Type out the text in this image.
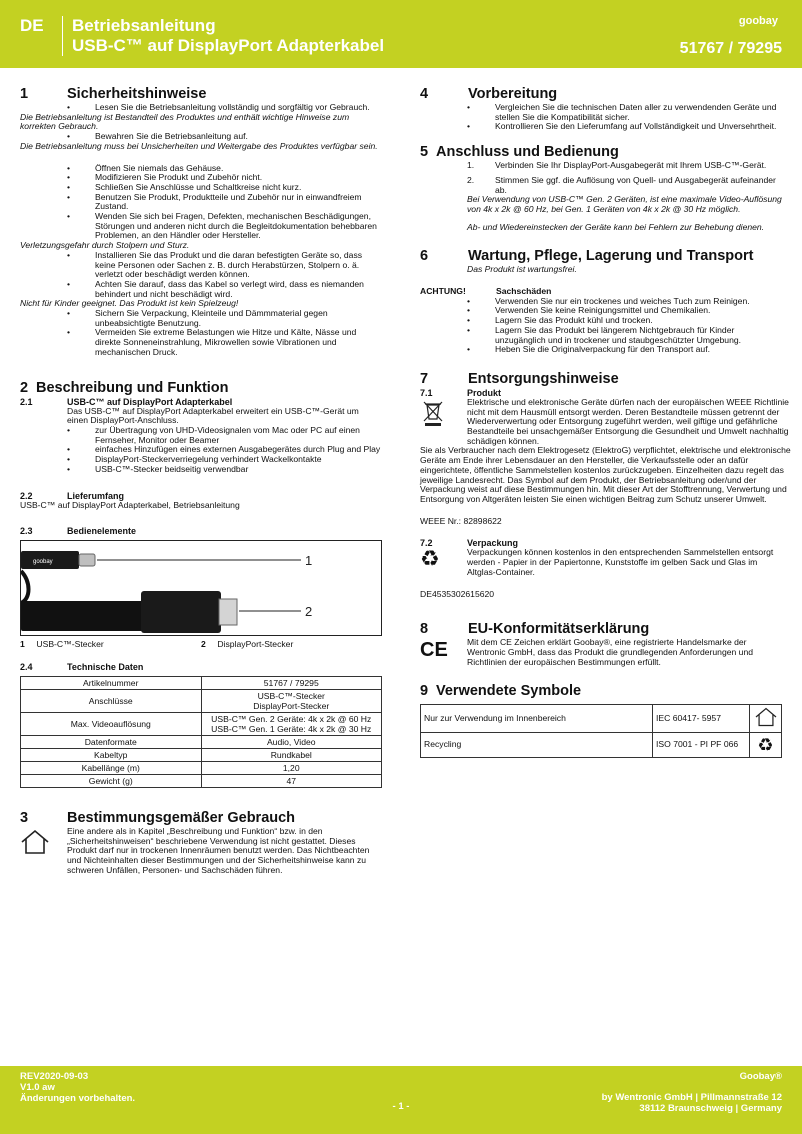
DE Betriebsanleitung
USB-C™ auf DisplayPort Adapterkabel
goobay
51767 / 79295
1	Sicherheitshinweise
• Lesen Sie die Betriebsanleitung vollständig und sorgfältig vor Gebrauch.

Die Betriebsanleitung ist Bestandteil des Produktes und enthält wichtige Hinweise zum korrekten Gebrauch.

• Bewahren Sie die Betriebsanleitung auf.

Die Betriebsanleitung muss bei Unsicherheiten und Weitergabe des Produktes verfügbar sein.

• Öffnen Sie niemals das Gehäuse.
• Modifizieren Sie Produkt und Zubehör nicht.
• Schließen Sie Anschlüsse und Schaltkreise nicht kurz.
• Benutzen Sie Produkt, Produktteile und Zubehör nur in einwandfreiem Zustand.
• Wenden Sie sich bei Fragen, Defekten, mechanischen Beschädigungen, Störungen und anderen nicht durch die Begleitdokumentation behebbaren Problemen, an den Händler oder Hersteller.

Verletzungsgefahr durch Stolpern und Sturz.

• Installieren Sie das Produkt und die daran befestigten Geräte so, dass keine Personen oder Sachen z. B. durch Herabstürzen, Stolpern o. ä. verletzt oder beschädigt werden können.
• Achten Sie darauf, dass das Kabel so verlegt wird, dass es niemanden behindert und nicht beschädigt wird.

Nicht für Kinder geeignet. Das Produkt ist kein Spielzeug!

• Sichern Sie Verpackung, Kleinteile und Dämmmaterial gegen unbeabsichtigte Benutzung.
• Vermeiden Sie extreme Belastungen wie Hitze und Kälte, Nässe und direkte Sonneneinstrahlung, Mikrowellen sowie Vibrationen und mechanischen Druck.
2 Beschreibung und Funktion
2.1	USB-C™ auf DisplayPort Adapterkabel

Das USB-C™ auf DisplayPort Adapterkabel erweitert ein USB-C™-Gerät um einen DisplayPort-Anschluss.

• zur Übertragung von UHD-Videosignalen vom Mac oder PC auf einen Fernseher, Monitor oder Beamer
• einfaches Hinzufügen eines externen Ausgabegerätes durch Plug and Play
• DisplayPort-Steckerverriegelung verhindert Wackelkontakte
• USB-C™-Stecker beidseitig verwendbar
2.2	Lieferumfang

USB-C™ auf DisplayPort Adapterkabel, Betriebsanleitung

2.3	Bedienelemente
goobay	1
2
1 USB-C™-Stecker	2 DisplayPort-Stecker
2.4	Technische Daten
Artikelnummer	51767 / 79295

Anschlüsse	USB-C™-Stecker
DisplayPort-Stecker

Max. Videoauflösung	USB-C™ Gen. 2 Geräte: 4k x 2k @ 60 Hz
USB-C™ Gen. 1 Geräte: 4k x 2k @ 30 Hz

Datenformate	Audio, Video

Kabeltyp	Rundkabel

Kabellänge (m)	1,20

Gewicht (g)	47
3	Bestimmungsgemäßer Gebrauch

Eine andere als in Kapitel „Beschreibung und Funktion“ bzw. in den „Sicherheitshinweisen“ beschriebene Verwendung ist nicht gestattet. Dieses Produkt darf nur in trockenen Innenräumen benutzt werden. Das Nichtbeachten und Nichteinhalten dieser Bestimmungen und der Sicherheitshinweise kann zu schweren Unfällen, Personen- und Sachschäden führen.

4	Vorbereitung
• Vergleichen Sie die technischen Daten aller zu verwendenden Geräte und stellen Sie die Kompatibilität sicher.
• Kontrollieren Sie den Lieferumfang auf Vollständigkeit und Unversehrtheit.
5 Anschluss und Bedienung
1. Verbinden Sie Ihr DisplayPort-Ausgabegerät mit Ihrem USB-C™-Gerät.
2. Stimmen Sie ggf. die Auflösung von Quell- und Ausgabegerät aufeinander ab.

Bei Verwendung von USB-C™ Gen. 2 Geräten, ist eine maximale Video-Auflösung von 4k x 2k @ 60 Hz, bei Gen. 1 Geräten von 4k x 2k @ 30 Hz möglich.

Ab- und Wiedereinstecken der Geräte kann bei Fehlern zur Behebung dienen.

6	Wartung, Pflege, Lagerung und Transport

Das Produkt ist wartungsfrei.

ACHTUNG!	Sachschäden
• Verwenden Sie nur ein trockenes und weiches Tuch zum Reinigen.
• Verwenden Sie keine Reinigungsmittel und Chemikalien.
• Lagern Sie das Produkt kühl und trocken.
• Lagern Sie das Produkt bei längerem Nichtgebrauch für Kinder unzugänglich und in trockener und staubgeschützter Umgebung.
• Heben Sie die Originalverpackung für den Transport auf.
7	Entsorgungshinweise
7.1	Produkt

Elektrische und elektronische Geräte dürfen nach der europäischen WEEE Richtlinie nicht mit dem Hausmüll entsorgt werden. Deren Bestandteile müssen getrennt der Wiederverwertung oder Entsorgung zugeführt werden, weil giftige und gefährliche Bestandteile bei unsachgemäßer Entsorgung die Gesundheit und Umwelt nachhaltig schädigen können.

Sie als Verbraucher nach dem Elektrogesetz (ElektroG) verpflichtet, elektrische und elektronische Geräte am Ende ihrer Lebensdauer an den Hersteller, die Verkaufsstelle oder an dafür eingerichtete, öffentliche Sammelstellen kostenlos zurückzugeben. Einzelheiten dazu regelt das jeweilige Landesrecht. Das Symbol auf dem Produkt, der Betriebsanleitung oder/und der Verpackung weist auf diese Bestimmungen hin. Mit dieser Art der Stofftrennung, Verwertung und Entsorgung von Altgeräten leisten Sie einen wichtigen Beitrag zum Schutz unserer Umwelt.

WEEE Nr.: 82898622

7.2	Verpackung
♻	Verpackungen können kostenlos in den entsprechenden Sammelstellen entsorgt werden - Papier in der Papiertonne, Kunststoffe im gelben Sack und Glas im Altglas-Container.

DE4535302615620

8	EU-Konformitätserklärung
CE	Mit dem CE Zeichen erklärt Goobay®, eine registrierte Handelsmarke der Wentronic GmbH, dass das Produkt die grundlegenden Anforderungen und Richtlinien der europäischen Bestimmungen erfüllt.

9 Verwendete Symbole
Nur zur Verwendung im Innenbereich	IEC 60417- 5957	
Recycling	ISO 7001 - PI PF 066	♻
REV2020-09-03
V1.0 aw
Änderungen vorbehalten.
- 1 -
Goobay®
by Wentronic GmbH | Pillmannstraße 12
38112 Braunschweig | Germany
